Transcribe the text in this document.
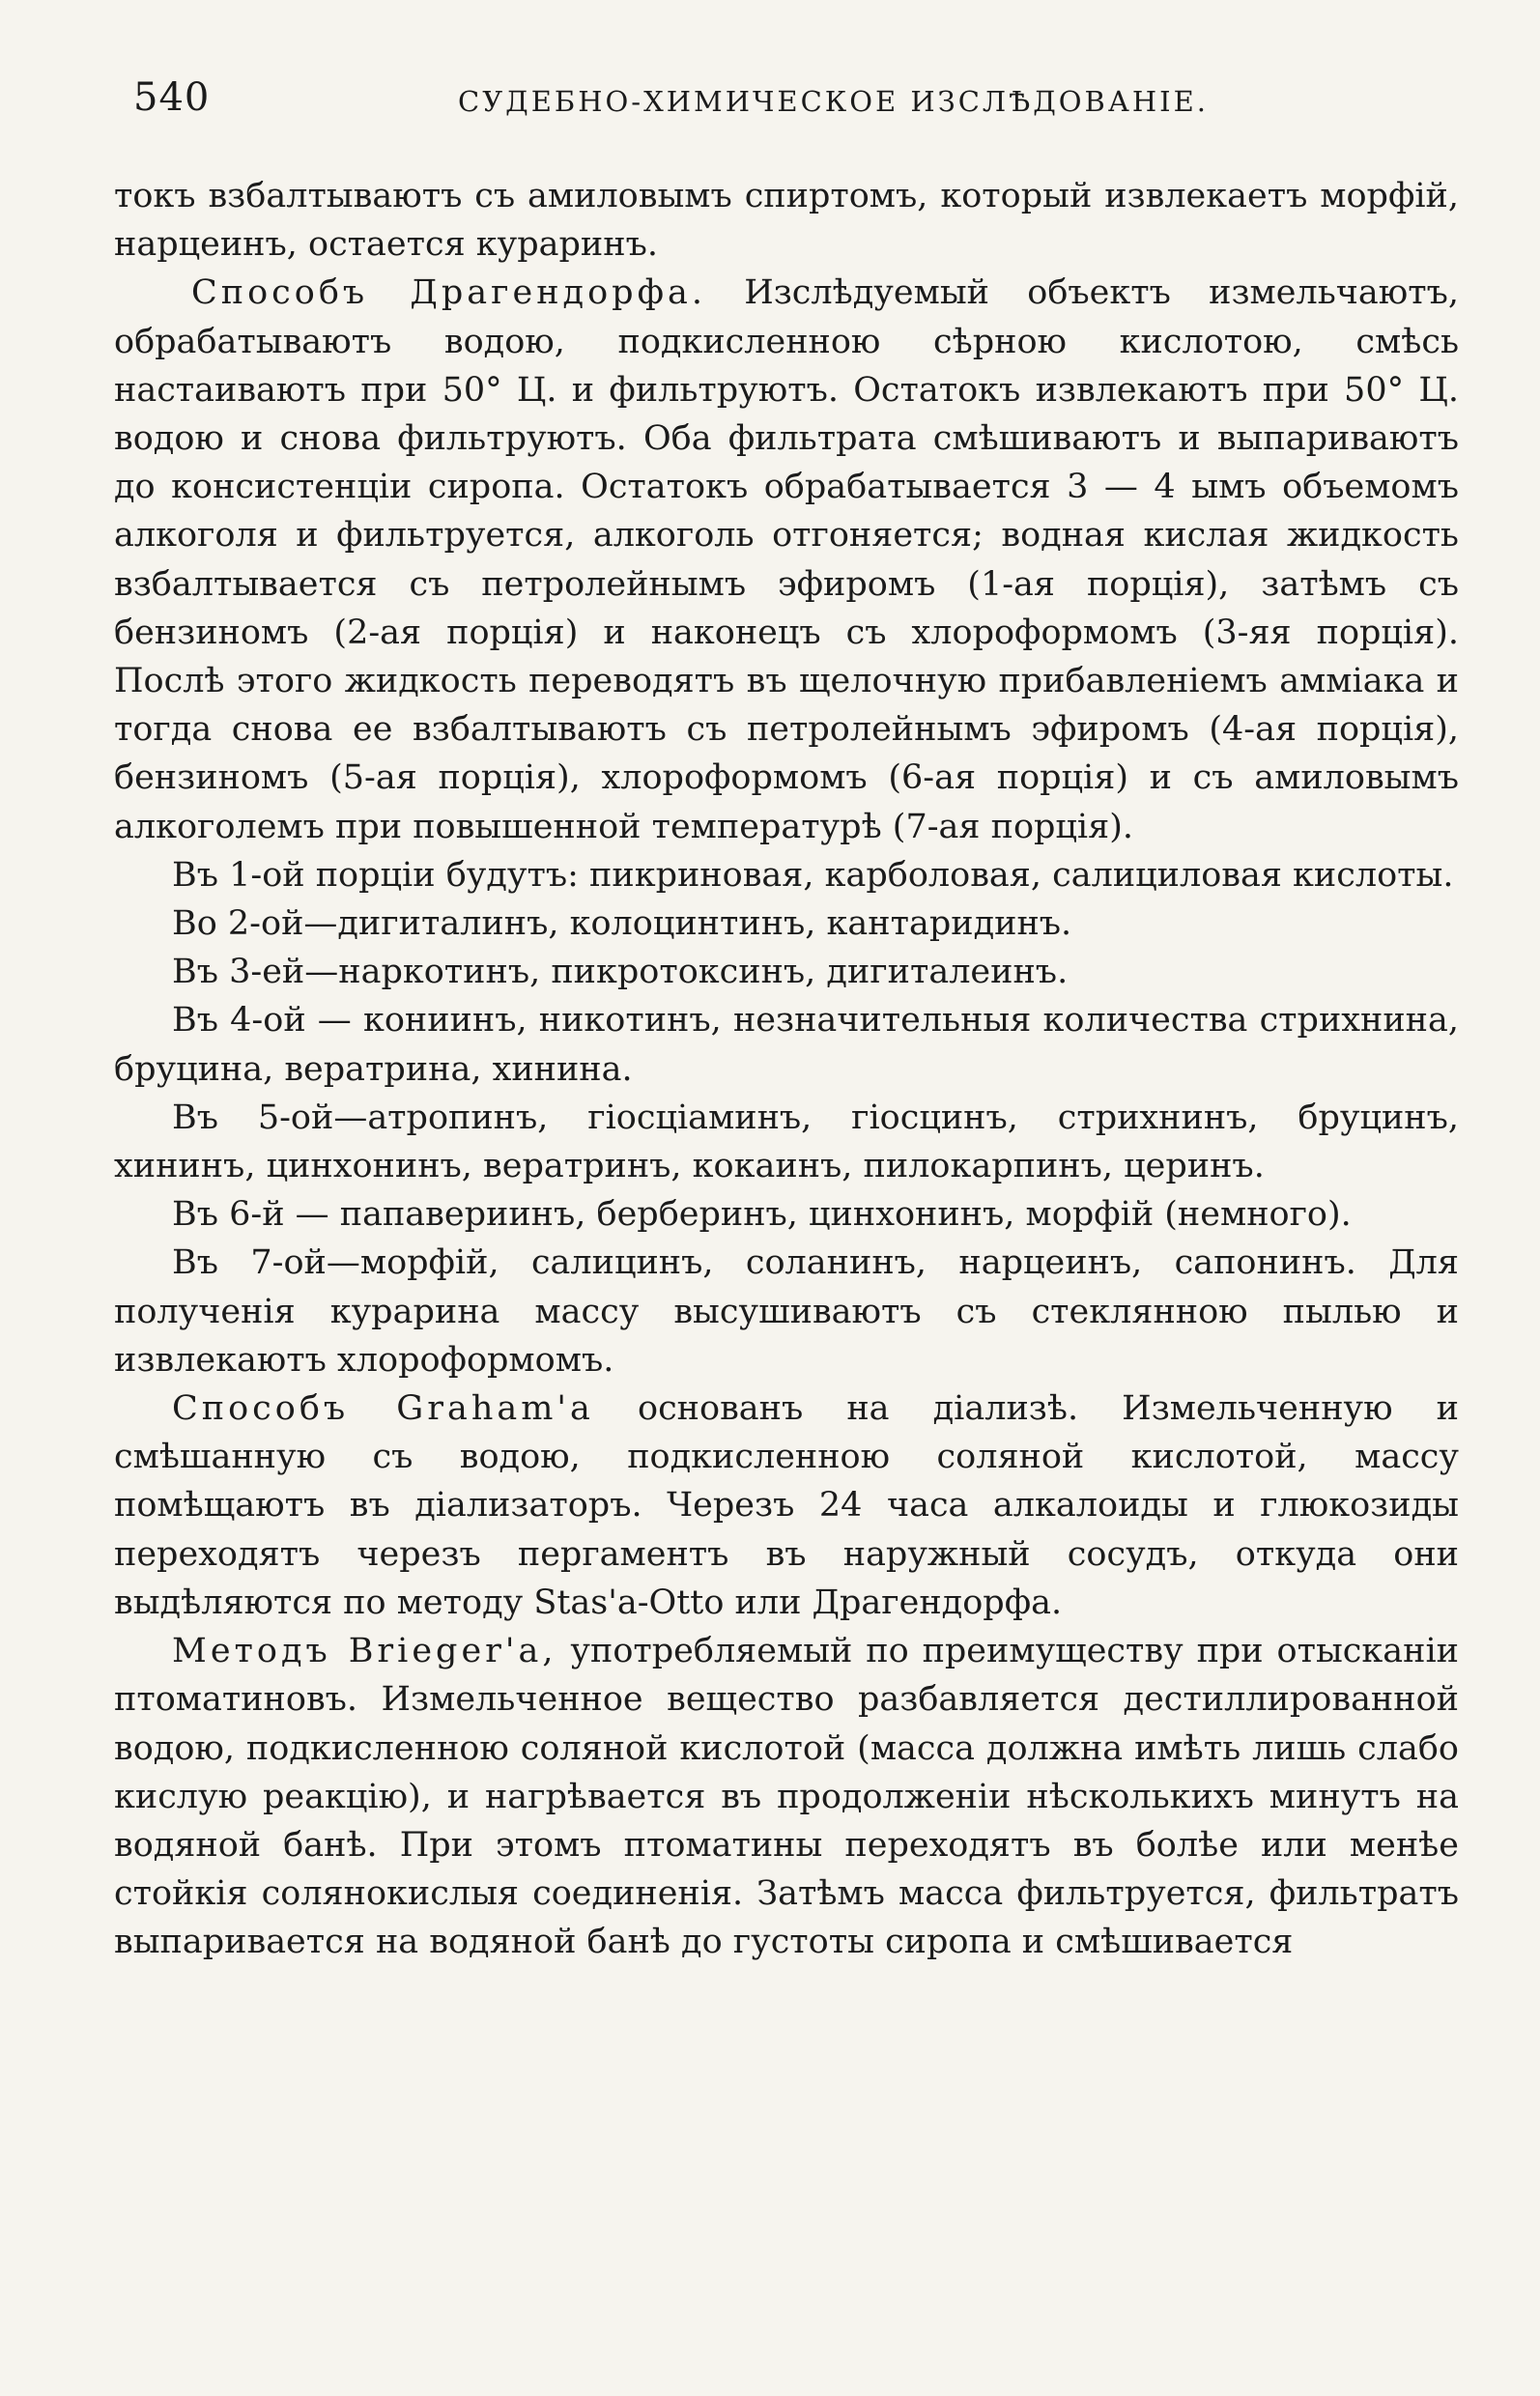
540	СУДЕБНО-ХИМИЧЕСКОЕ ИЗСЛѢДОВАНІЕ.

токъ взбалтываютъ съ амиловымъ спиртомъ, который извлекаетъ морфій, нарцеинъ, остается кураринъ.

Способъ Драгендорфа. Изслѣдуемый объектъ измельчаютъ, обрабатываютъ водою, подкисленною сѣрною кислотою, смѣсь настаиваютъ при 50° Ц. и фильтруютъ. Остатокъ извлекаютъ при 50° Ц. водою и снова фильтруютъ. Оба фильтрата смѣшиваютъ и выпариваютъ до консистенціи сиропа. Остатокъ обрабатывается 3 — 4 ымъ объемомъ алкоголя и фильтруется, алкоголь отгоняется; водная кислая жидкость взбалтывается съ петролейнымъ эфиромъ (1-ая порція), затѣмъ съ бензиномъ (2-ая порція) и наконецъ съ хлороформомъ (3-яя порція). Послѣ этого жидкость переводятъ въ щелочную прибавленіемъ амміака и тогда снова ее взбалтываютъ съ петролейнымъ эфиромъ (4-ая порція), бензиномъ (5-ая порція), хлороформомъ (6-ая порція) и съ амиловымъ алкоголемъ при повышенной температурѣ (7-ая порція).

Въ 1-ой порціи будутъ: пикриновая, карболовая, салициловая кислоты.

Во 2-ой—дигиталинъ, колоцинтинъ, кантаридинъ.

Въ 3-ей—наркотинъ, пикротоксинъ, дигиталеинъ.

Въ 4-ой — кониинъ, никотинъ, незначительныя количества стрихнина, бруцина, вератрина, хинина.

Въ 5-ой—атропинъ, гіосціаминъ, гіосцинъ, стрихнинъ, бруцинъ, хининъ, цинхонинъ, вератринъ, кокаинъ, пилокарпинъ, церинъ.

Въ 6-й — папавериинъ, берберинъ, цинхонинъ, морфій (немного).

Въ 7-ой—морфій, салицинъ, соланинъ, нарцеинъ, сапонинъ. Для полученія курарина массу высушиваютъ съ стеклянною пылью и извлекаютъ хлороформомъ.

Способъ Graham'а основанъ на діализѣ. Измельченную и смѣшанную съ водою, подкисленною соляной кислотой, массу помѣщаютъ въ діализаторъ. Черезъ 24 часа алкалоиды и глюкозиды переходятъ черезъ пергаментъ въ наружный сосудъ, откуда они выдѣляются по методу Stas'a-Otto или Драгендорфа.

Методъ Brieger'а, употребляемый по преимуществу при отысканіи птоматиновъ. Измельченное вещество разбавляется дестиллированной водою, подкисленною соляной кислотой (масса должна имѣть лишь слабо кислую реакцію), и нагрѣвается въ продолженіи нѣсколькихъ минутъ на водяной банѣ. При этомъ птоматины переходятъ въ болѣе или менѣе стойкія солянокислыя соединенія. Затѣмъ масса фильтруется, фильтратъ выпаривается на водяной банѣ до густоты сиропа и смѣшивается
